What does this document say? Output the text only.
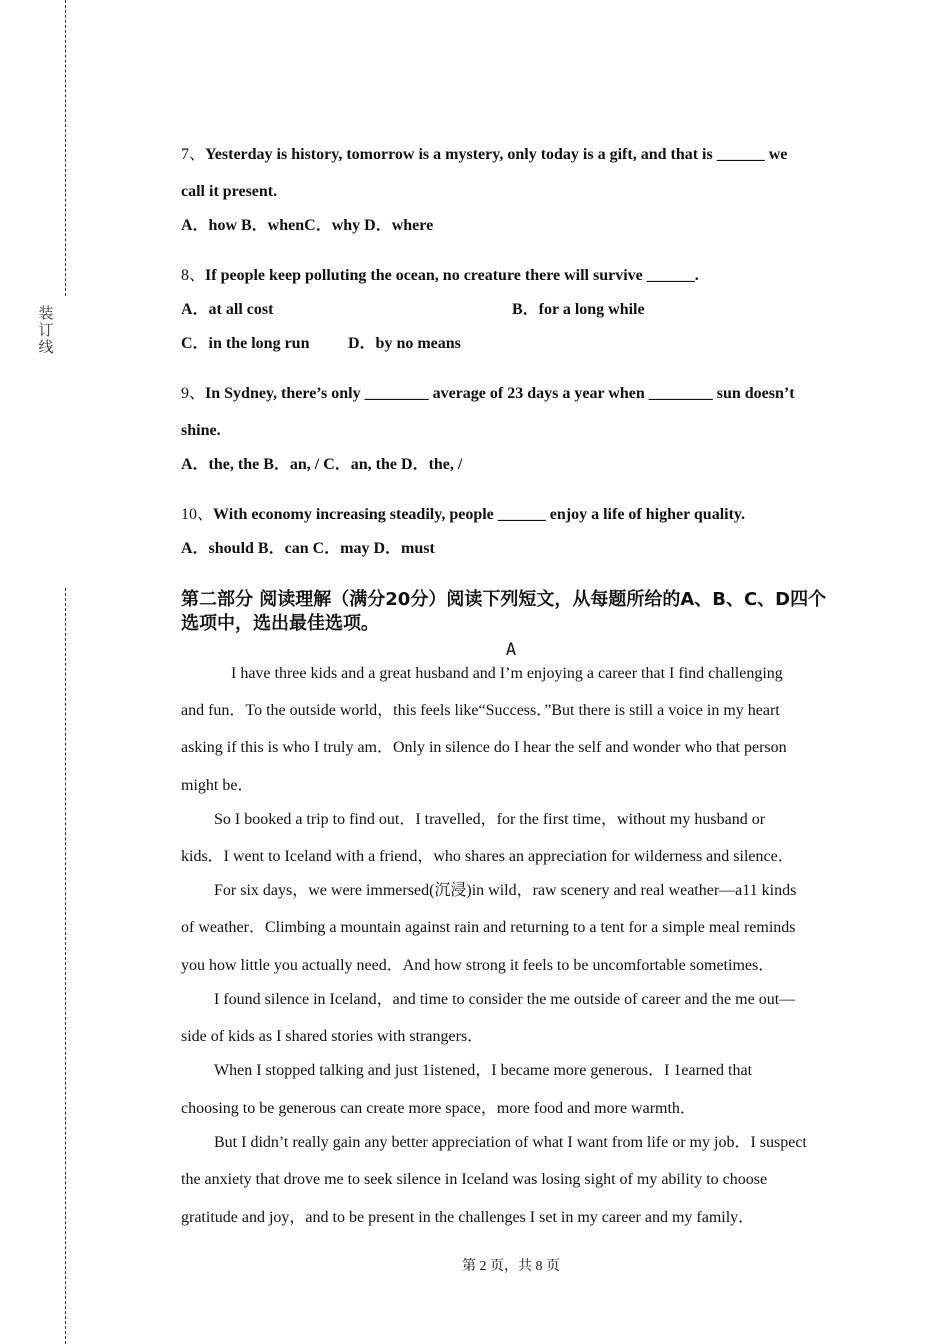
装
订
线
7、Yesterday is history, tomorrow is a mystery, only today is a gift, and that is ______ we
call it present.
A．how B．whenC．why D．where
8、If people keep polluting the ocean, no creature there will survive ______.
A．at all cost	B．for a long while
C．in the long run D．by no means
9、In Sydney, there’s only ________ average of 23 days a year when ________ sun doesn’t
shine.
A．the, the B．an, / C．an, the D．the, /
10、With economy increasing steadily, people ______ enjoy a life of higher quality.
A．should B．can C．may D．must
第二部分 阅读理解（满分20分）阅读下列短文，从每题所给的A、B、C、D四个
选项中，选出最佳选项。
A
I have three kids and a great husband and I’m enjoying a career that I find challenging
and fun．To the outside world，this feels like“Success．”But there is still a voice in my heart
asking if this is who I truly am．Only in silence do I hear the self and wonder who that person
might be．
So I booked a trip to find out．I travelled，for the first time，without my husband or
kids．I went to Iceland with a friend，who shares an appreciation for wilderness and silence．
For six days，we were immersed(沉浸)in wild，raw scenery and real weather—a11 kinds
of weather．Climbing a mountain against rain and returning to a tent for a simple meal reminds
you how little you actually need．And how strong it feels to be uncomfortable sometimes．
I found silence in Iceland，and time to consider the me outside of career and the me out—
side of kids as I shared stories with strangers．
When I stopped talking and just 1istened，I became more generous．I 1earned that
choosing to be generous can create more space，more food and more warmth．
But I didn’t really gain any better appreciation of what I want from life or my job．I suspect
the anxiety that drove me to seek silence in Iceland was losing sight of my ability to choose
gratitude and joy，and to be present in the challenges I set in my career and my family．
第 2 页，共 8 页
